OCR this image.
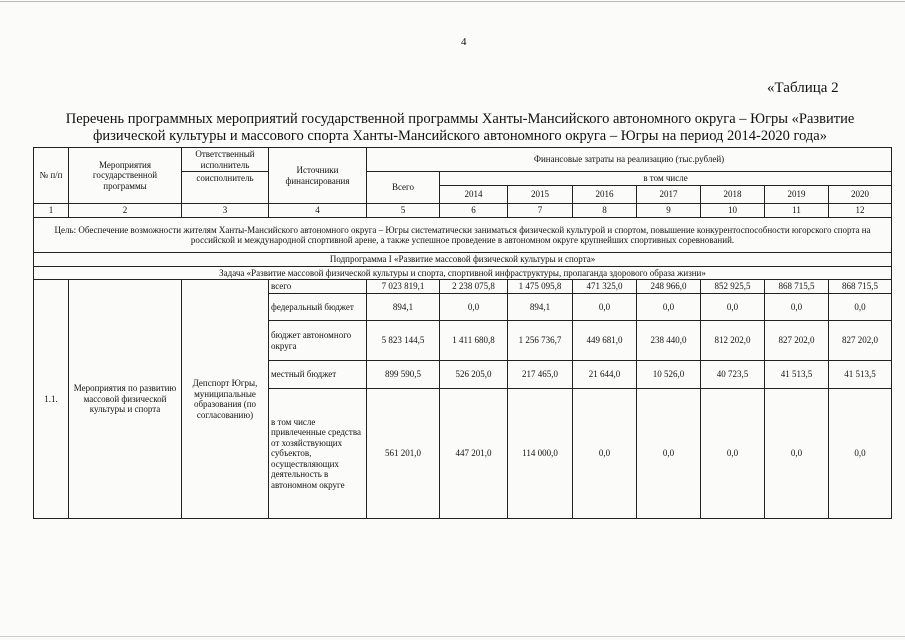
4
«Таблица 2
Перечень программных мероприятий государственной программы Ханты-Мансийского автономного округа – Югры «Развитие
физической культуры и массового спорта Ханты-Мансийского автономного округа – Югры на период 2014-2020 года»
№ п/п	Мероприятия государственной программы	Ответственный исполнитель	Источники финансирования	Финансовые затраты на реализацию (тыс.рублей)							
		соисполнитель		Всего	в том числе						
					2014	2015	2016	2017	2018	2019	2020
1	2	3	4	5	6	7	8	9	10	11	12
Цель: Обеспечение возможности жителям Ханты-Мансийского автономного округа – Югры систематически заниматься физической культурой и спортом, повышение конкурентоспособности югорского спорта на российской и международной спортивной арене, а также успешное проведение в автономном округе крупнейших спортивных соревнований.											
Подпрограмма I «Развитие массовой физической культуры и спорта»											
Задача «Развитие массовой физической культуры и спорта, спортивной инфраструктуры, пропаганда здорового образа жизни»											
1.1.	Мероприятия по развитию массовой физической культуры и спорта	Депспорт Югры, муниципальные образования (по согласованию)	всего	7 023 819,1	2 238 075,8	1 475 095,8	471 325,0	248 966,0	852 925,5	868 715,5	868 715,5
			федеральный бюджет	894,1	0,0	894,1	0,0	0,0	0,0	0,0	0,0
			бюджет автономного округа	5 823 144,5	1 411 680,8	1 256 736,7	449 681,0	238 440,0	812 202,0	827 202,0	827 202,0
			местный бюджет	899 590,5	526 205,0	217 465,0	21 644,0	10 526,0	40 723,5	41 513,5	41 513,5
			в том числе привлеченные средства от хозяйствующих субъектов, осуществляющих деятельность в автономном округе	561 201,0	447 201,0	114 000,0	0,0	0,0	0,0	0,0	0,0
